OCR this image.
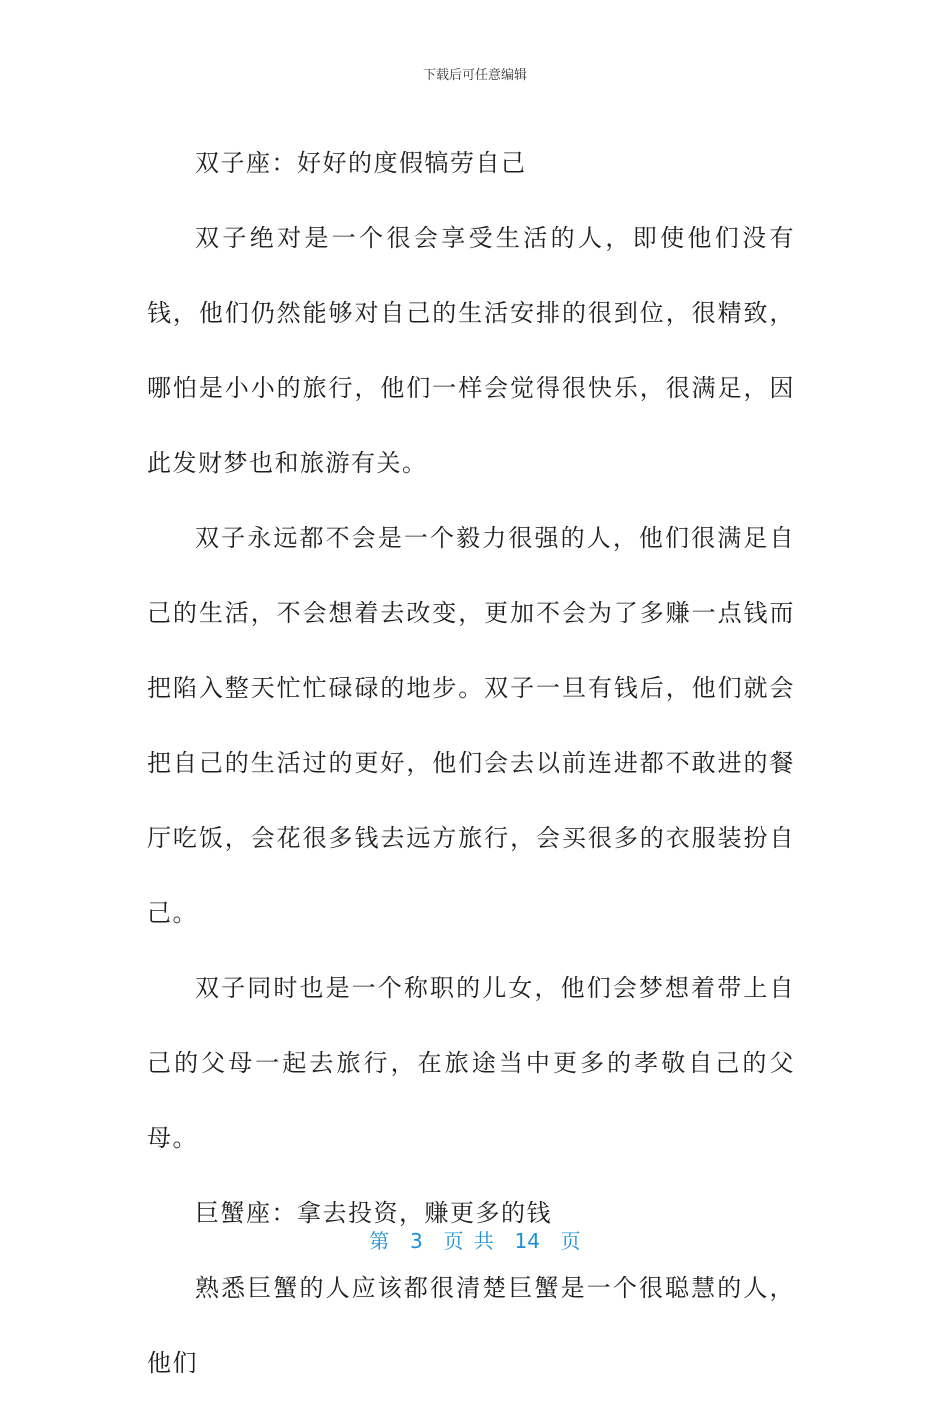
下载后可任意编辑

双子座：好好的度假犒劳自己

双子绝对是一个很会享受生活的人，即使他们没有钱，他们仍然能够对自己的生活安排的很到位，很精致，哪怕是小小的旅行，他们一样会觉得很快乐，很满足，因此发财梦也和旅游有关。

双子永远都不会是一个毅力很强的人，他们很满足自己的生活，不会想着去改变，更加不会为了多赚一点钱而把陷入整天忙忙碌碌的地步。双子一旦有钱后，他们就会把自己的生活过的更好，他们会去以前连进都不敢进的餐厅吃饭，会花很多钱去远方旅行，会买很多的衣服装扮自己。

双子同时也是一个称职的儿女，他们会梦想着带上自己的父母一起去旅行，在旅途当中更多的孝敬自己的父母。

巨蟹座：拿去投资，赚更多的钱

熟悉巨蟹的人应该都很清楚巨蟹是一个很聪慧的人，他们

第  3  页 共  14  页
